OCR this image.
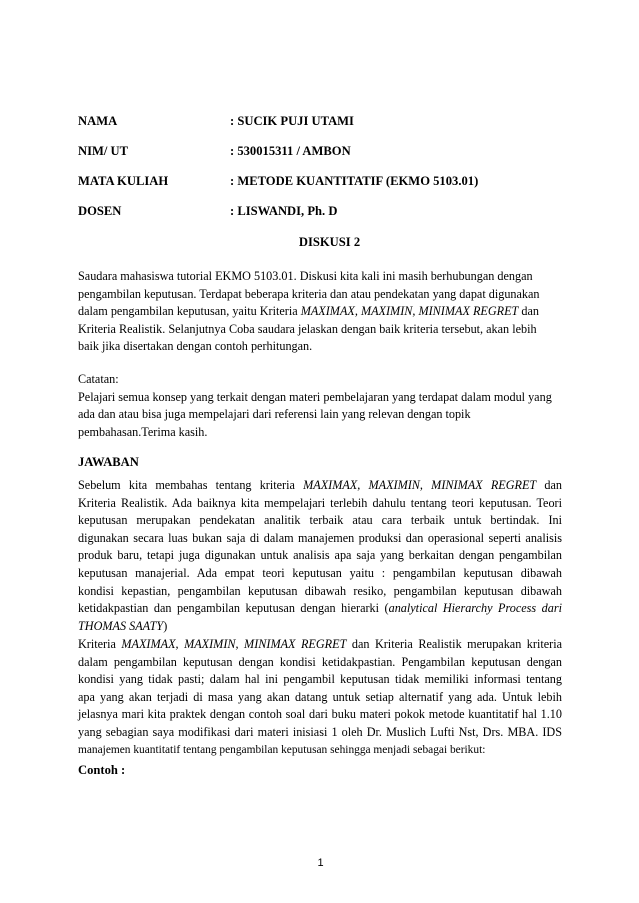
NAMA	: SUCIK PUJI UTAMI
NIM/ UT	: 530015311 / AMBON
MATA KULIAH	: METODE KUANTITATIF (EKMO 5103.01)
DOSEN	: LISWANDI, Ph. D
DISKUSI 2
Saudara mahasiswa tutorial EKMO 5103.01. Diskusi kita kali ini masih berhubungan dengan
pengambilan keputusan. Terdapat beberapa kriteria dan atau pendekatan yang dapat digunakan
dalam pengambilan keputusan, yaitu Kriteria MAXIMAX, MAXIMIN, MINIMAX REGRET dan
Kriteria Realistik. Selanjutnya Coba saudara jelaskan dengan baik kriteria tersebut, akan lebih
baik jika disertakan dengan contoh perhitungan.
Catatan:
Pelajari semua konsep yang terkait dengan materi pembelajaran yang terdapat dalam modul yang
ada dan atau bisa juga mempelajari dari referensi lain yang relevan dengan topik
pembahasan.Terima kasih.
JAWABAN
Sebelum kita membahas tentang kriteria MAXIMAX, MAXIMIN, MINIMAX REGRET dan
Kriteria Realistik. Ada baiknya kita mempelajari terlebih dahulu tentang teori keputusan. Teori
keputusan merupakan pendekatan analitik terbaik atau cara terbaik untuk bertindak. Ini
digunakan secara luas bukan saja di dalam manajemen produksi dan operasional seperti analisis
produk baru, tetapi juga digunakan untuk analisis apa saja yang berkaitan dengan pengambilan
keputusan manajerial. Ada empat teori keputusan yaitu : pengambilan keputusan dibawah
kondisi kepastian, pengambilan keputusan dibawah resiko, pengambilan keputusan dibawah
ketidakpastian dan pengambilan keputusan dengan hierarki (analytical Hierarchy Process dari
THOMAS SAATY)
Kriteria MAXIMAX, MAXIMIN, MINIMAX REGRET dan Kriteria Realistik merupakan kriteria
dalam pengambilan keputusan dengan kondisi ketidakpastian. Pengambilan keputusan dengan
kondisi yang tidak pasti; dalam hal ini pengambil keputusan tidak memiliki informasi tentang
apa yang akan terjadi di masa yang akan datang untuk setiap alternatif yang ada. Untuk lebih
jelasnya mari kita praktek dengan contoh soal dari buku materi pokok metode kuantitatif hal 1.10
yang sebagian saya modifikasi dari materi inisiasi 1 oleh Dr. Muslich Lufti Nst, Drs. MBA. IDS
manajemen kuantitatif tentang pengambilan keputusan sehingga menjadi sebagai berikut:
Contoh :
1
